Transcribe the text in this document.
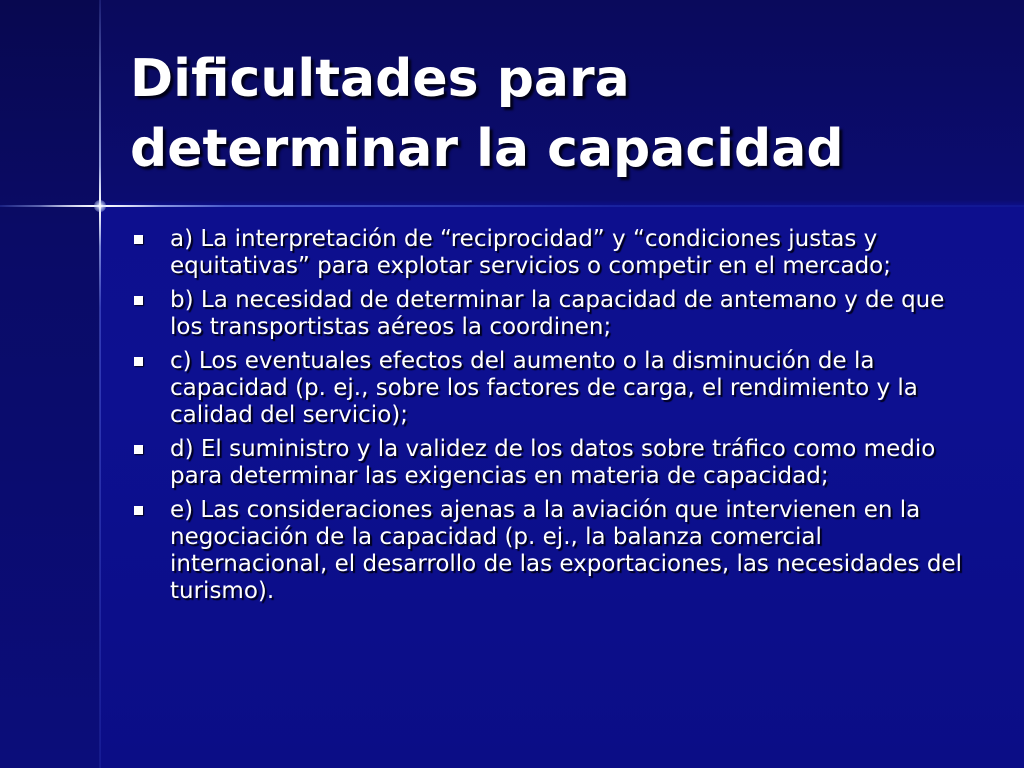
Dificultades para
determinar la capacidad
a) La interpretación de “reciprocidad” y “condiciones justas y equitativas” para explotar servicios o competir en el mercado;
b) La necesidad de determinar la capacidad de antemano y de que los transportistas aéreos la coordinen;
c) Los eventuales efectos del aumento o la disminución de la capacidad (p. ej., sobre los factores de carga, el rendimiento y la calidad del servicio);
d) El suministro y la validez de los datos sobre tráfico como medio para determinar las exigencias en materia de capacidad;
e) Las consideraciones ajenas a la aviación que intervienen en la negociación de la capacidad (p. ej., la balanza comercial internacional, el desarrollo de las exportaciones, las necesidades del turismo).
